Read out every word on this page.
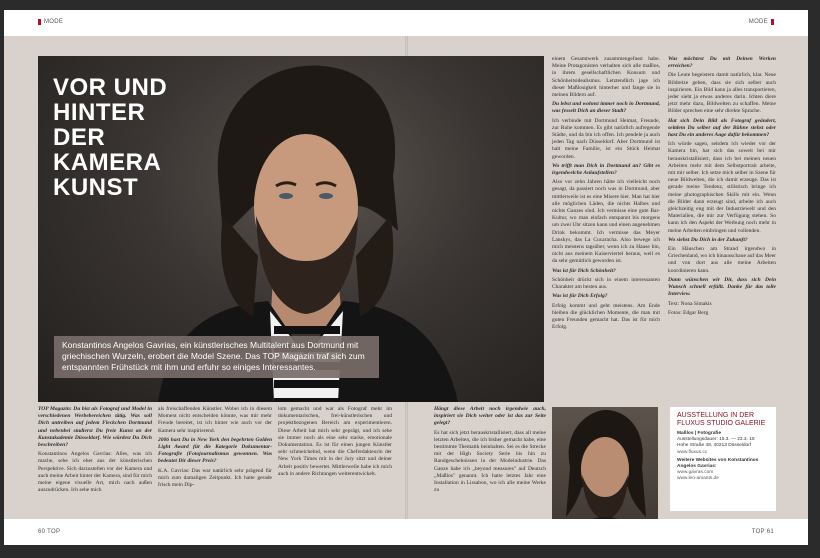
MODE	MODE
VOR UND
HINTER
DER
KAMERA
KUNST
Konstantinos Angelos Gavrias, ein künstlerisches Multitalent aus Dortmund mit griechischen Wurzeln, erobert die Model Szene. Das TOP Magazin traf sich zum entspannten Frühstück mit ihm und erfuhr so einiges Interessantes.

TOP Magazin: Du bist als Fotograf und Model in verschiedenen Werbebereichen tätig. Was soll Dich antreiben auf jedem Fleckchen Dortmund und nebenbei studierst Du freie Kunst an der Kunstakademie Düsseldorf. Wie würdest Du Dich beschreiben?

Konstantinos Angelos Gavrias: Alles, was ich mache, sehe ich eher aus der künstlerischen Perspektive. Sich darzustellen vor der Kamera und auch meine Arbeit hinter der Kamera, sind für mich meine eigene visuelle Art, mich nach außen auszudrücken. Ich sehe mich

als freischaffenden Künstler. Wobei ich in diesem Moment nicht entscheiden könnte, was mir mehr Freude bereitet, ist ich hinter wie auch vor der Kamera sehr inspirierend.

2006 hast Du in New York den begehrten Golden Light Award für die Kategorie Dokumentar- Fotografie (Fotojournalismus gewonnen. Was bedeutet Dir dieser Preis?

K.A. Gavrias: Das war natürlich sehr prägend für mich zum damaligen Zeitpunkt. Ich hatte gerade frisch mein Dip-

lom gemacht und war als Fotograf mehr im dokumentarischen, frei-künstlerischen und projektbezogenen Bereich am experimentieren. Diese Arbeit hat mich sehr geprägt, und ich sehe sie immer noch als eine sehr starke, emotionale Dokumentation. Es ist für einen jungen Künstler sehr schmeichelnd, wenn die Chefredakteurin der New York Times mit in der Jury sitzt und deiner Arbeit positiv bewertet. Mittlerweile habe ich mich auch in andere Richtungen weiterentwickelt.

Hängt diese Arbeit noch irgendwie auch, inspiriert sie Dich weiter oder ist das zur Seite gelegt?

Es hat sich jetzt herauskristallisiert, dass all meine letzten Arbeiten, die ich bisher gemacht habe, eine bestimmte Thematik beinhalten. Sei es die Strecke mit der High Society Serie bis hin zu Randgeschehnissen in der Modeindustrie. Das Ganze habe ich „beyond measures" auf Deutsch „Maßlos" genannt. Ich hatte letztes Jahr eine Installation in Lissabon, wo ich alle meine Werke zu

einem Gesamtwerk zusammengefasst habe. Meine Protagonisten verhalten sich alle maßlos, in ihrem gesellschaftlichen Konsum und Schönheitsidealismus. Letztendlich jage ich dieser Maßlosigkeit hinterher und fange sie in meinen Bildern auf.

Du lebst und wohnst immer noch in Dortmund, was fesselt Dich an dieser Stadt?

Ich verbinde mit Dortmund Heimat, Freunde, zur Ruhe kommen. Es gibt natürlich aufregende Städte, und da bin ich offen. Ich pendele ja auch jeden Tag nach Düsseldorf. Aber Dortmund ist halt meine Familie, ist ein Stück Heimat geworden.

Wo trifft man Dich in Dortmund an? Gibt es irgendwelche Anlaufstellen?

Also vor zehn Jahren hätte ich vielleicht noch gesagt, da passiert noch was in Dortmund, aber mittlerweile ist es eine Misere hier. Man hat hier alle möglichen Läden, die nichts Halbes und nichts Ganzes sind. Ich vermisse eine gute Bar-Kultur, wo man einfach entspannt bis morgens um zwei Uhr sitzen kann und einen angenehmen Drink bekommt. Ich vermisse das Meyer Lanskys, das La Cucaracha. Also bewege ich mich meistens tagsüber, wenn ich zu Hause bin, nicht aus meinem Kaiserviertel heraus, weil es da sehr gemütlich geworden ist.

Was ist für Dich Schönheit?

Schönheit drückt sich in einem interessanten Charakter am besten aus.

Was ist für Dich Erfolg?

Erfolg kommt und geht meistens. Am Ende bleiben die glücklichen Momente, die man mit guten Freunden gemacht hat. Das ist für mich Erfolg.

Was möchtest Du mit Deinen Werken erreichen?

Die Leute begeistern damit natürlich, klar. Neue Bildreize geben, dass sie sich selber auch inspirieren. Ein Bild kann ja alles transportieren, jeder sieht ja etwas anderes darin. Ichten diere jetzt mehr dazu, Bildwelten zu schaffen. Meine Bilder sprechen eine sehr direkte Sprache.

Hat sich Dein Bild als Fotograf geändert, seitdem Du selber auf der Bühne stehst oder hast Du ein anderes Auge dafür bekommen?

Ich würde sagen, seitdem ich wieder vor der Kamera bin, hat sich das soweit bei mir herauskristallisiert, dass ich bei meinen neuen Arbeiten mehr mit dem Selbstportrait arbeite, mit mir selber. Ich setze mich selber in Szene für neue Bildwelten, die ich damit erzeuge. Das ist gerade meine Tendenz, stilistisch bringe ich meine photographischen Skills mit ein. Wenn die Bilder dann erzeugt sind, arbeite ich auch gleichzeitig eng mit der Industriewelt und den Materialien, die mir zur Verfügung stehen. So kann ich den Aspekt der Werbung noch mehr in meine Arbeiten einbringen und vollenden.

Wo siehst Du Dich in der Zukunft?

Ein Häuschen am Strand irgendwo in Griechenland, wo ich hinausschaue auf das Meer und von dort aus alle meine Arbeiten koordinieren kann.

Dann wünschen wir Dir, dass sich Dein Wunsch schnell erfüllt. Danke für das tolle Interview.

Text: Nona Simakis

Fotos: Edgar Berg

AUSSTELLUNG IN DER FLUXUS STUDIO GALERIE
Maßlos | Fotografie
Ausstellungsdauer: 15.3. — 23.3. 15
Hohe Straße 48, 40213 Düsseldorf
www.fluxus.cc
Weitere Websites von Konstantinos Angelos Gavrias:
www.gavras.com
www.leo-amants.de
60 TOP	TOP 61
